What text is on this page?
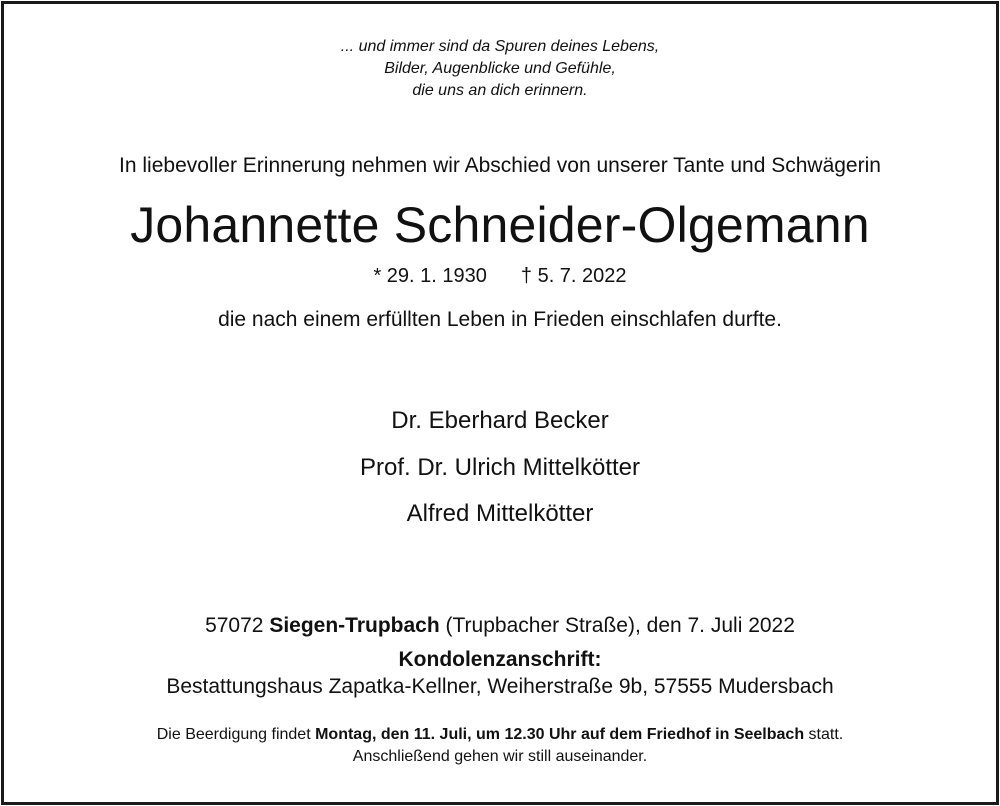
... und immer sind da Spuren deines Lebens,
Bilder, Augenblicke und Gefühle,
die uns an dich erinnern.
In liebevoller Erinnerung nehmen wir Abschied von unserer Tante und Schwägerin
Johannette Schneider-Olgemann
* 29. 1. 1930 † 5. 7. 2022
die nach einem erfüllten Leben in Frieden einschlafen durfte.
Dr. Eberhard Becker
Prof. Dr. Ulrich Mittelkötter
Alfred Mittelkötter
57072 Siegen-Trupbach (Trupbacher Straße), den 7. Juli 2022
Kondolenzanschrift:
Bestattungshaus Zapatka-Kellner, Weiherstraße 9b, 57555 Mudersbach
Die Beerdigung findet Montag, den 11. Juli, um 12.30 Uhr auf dem Friedhof in Seelbach statt.
Anschließend gehen wir still auseinander.
